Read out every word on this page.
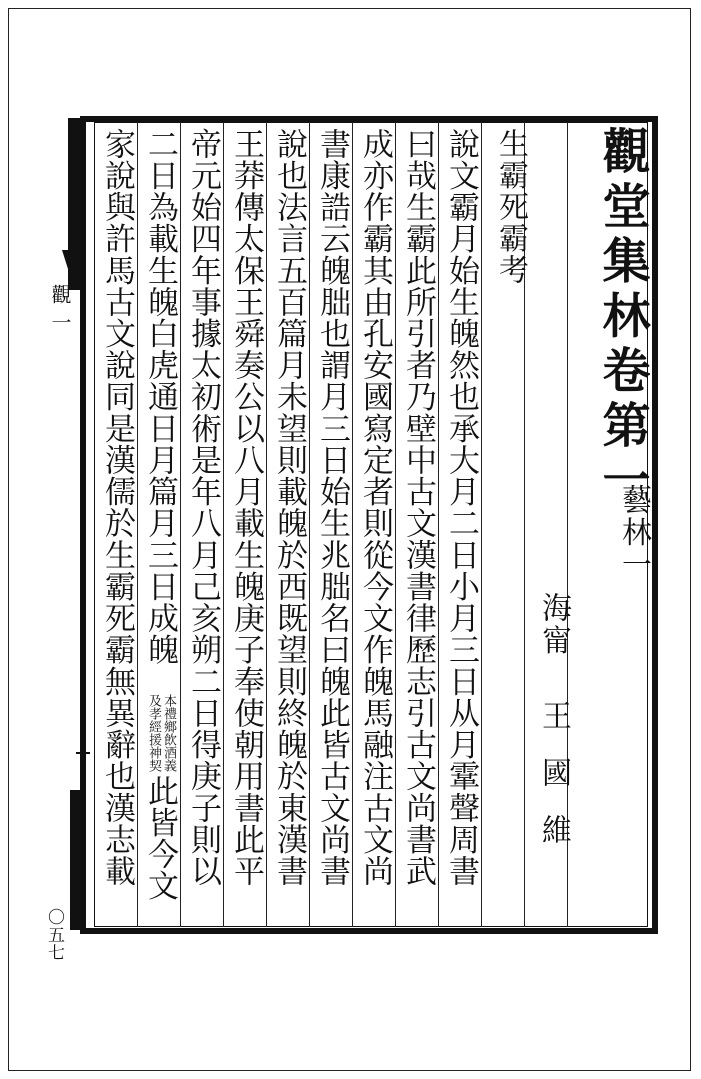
觀一
〇五七
觀堂集林卷第一
藝林一
海甯
王國維
生霸死霸考
說文霸月始生魄然也承大月二日小月三日从月䨣聲周書
曰哉生霸此所引者乃壁中古文漢書律歷志引古文尚書武
成亦作霸其由孔安國寫定者則從今文作魄馬融注古文尚
書康誥云魄朏也謂月三日始生兆朏名曰魄此皆古文尚書
說也法言五百篇月未望則載魄於西既望則終魄於東漢書
王莽傳太保王舜奏公以八月載生魄庚子奉使朝用書此平
帝元始四年事據太初術是年八月己亥朔二日得庚子則以
二日為載生魄白虎通日月篇月三日成魄
此皆今文
本禮鄉飲酒義
及孝經援神契
家說與許馬古文說同是漢儒於生霸死霸無異辭也漢志載
